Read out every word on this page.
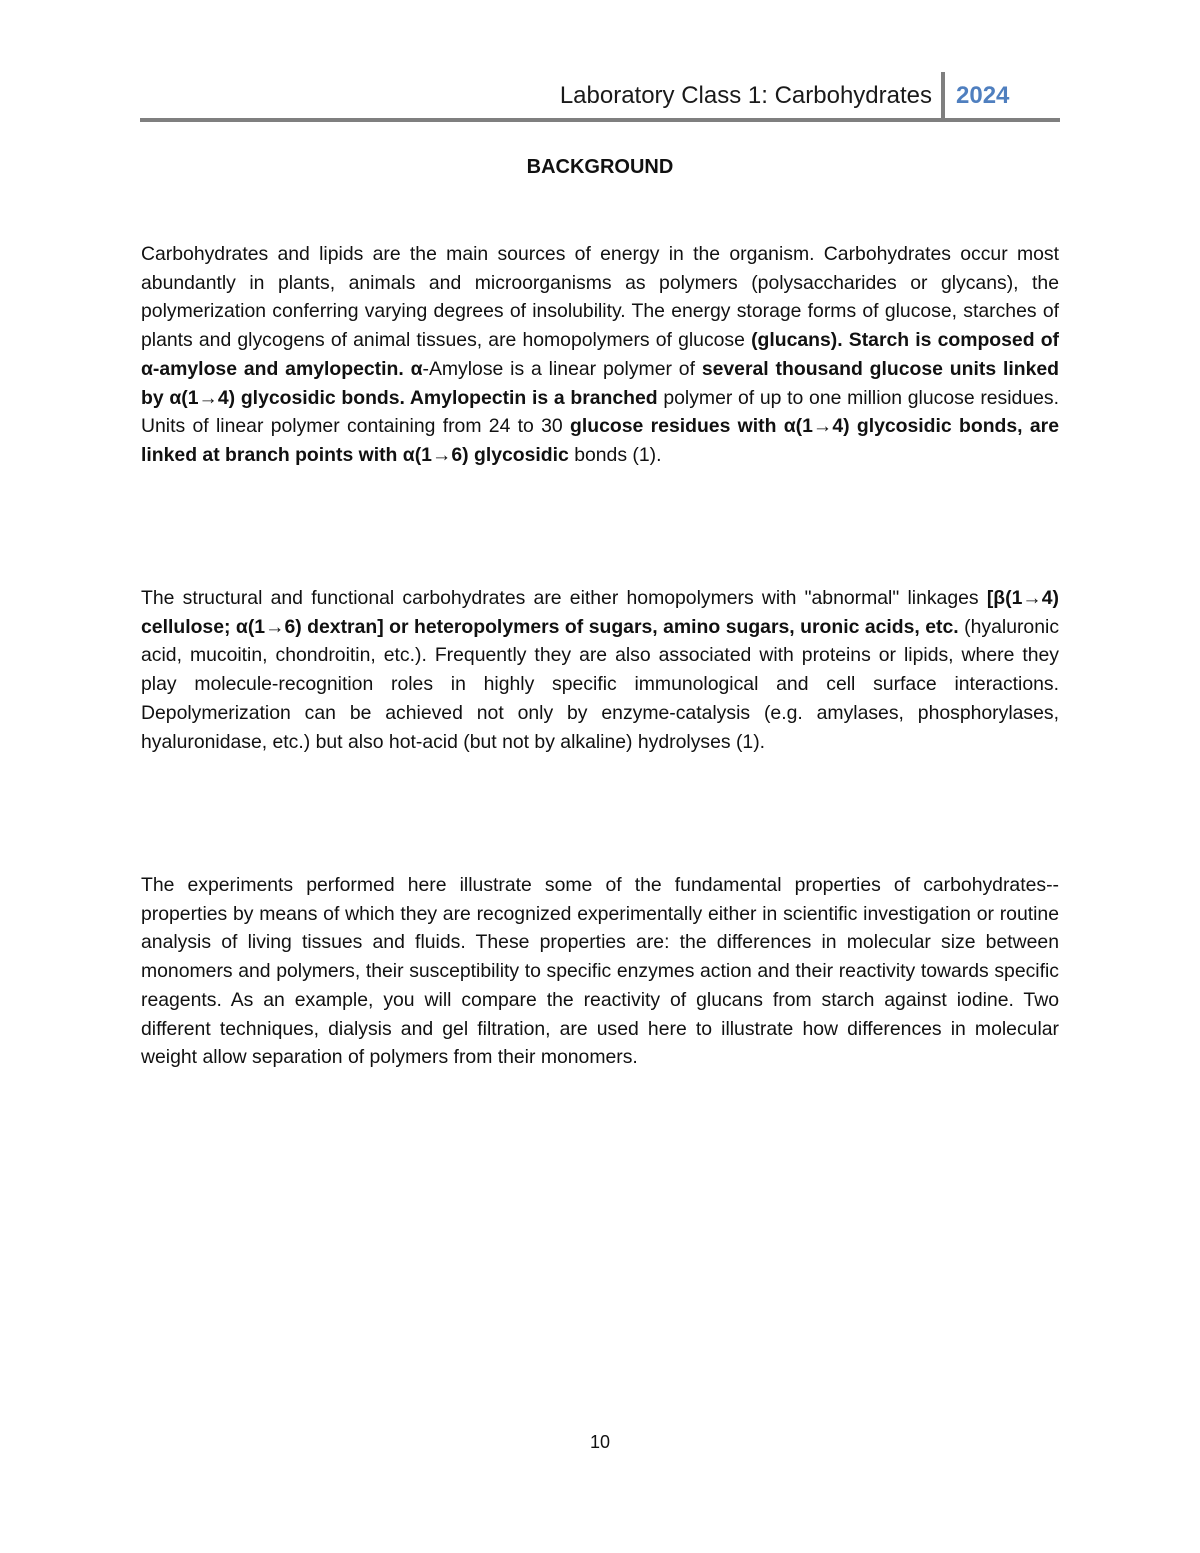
Laboratory Class 1: Carbohydrates 2024
BACKGROUND

Carbohydrates and lipids are the main sources of energy in the organism. Carbohydrates occur most abundantly in plants, animals and microorganisms as polymers (polysaccharides or glycans), the polymerization conferring varying degrees of insolubility. The energy storage forms of glucose, starches of plants and glycogens of animal tissues, are homopolymers of glucose (glucans). Starch is composed of α-amylose and amylopectin. α-Amylose is a linear polymer of several thousand glucose units linked by α(1→4) glycosidic bonds. Amylopectin is a branched polymer of up to one million glucose residues. Units of linear polymer containing from 24 to 30 glucose residues with α(1→4) glycosidic bonds, are linked at branch points with α(1→6) glycosidic bonds (1).

The structural and functional carbohydrates are either homopolymers with "abnormal" linkages [β(1→4) cellulose; α(1→6) dextran] or heteropolymers of sugars, amino sugars, uronic acids, etc. (hyaluronic acid, mucoitin, chondroitin, etc.). Frequently they are also associated with proteins or lipids, where they play molecule-recognition roles in highly specific immunological and cell surface interactions. Depolymerization can be achieved not only by enzyme-catalysis (e.g. amylases, phosphorylases, hyaluronidase, etc.) but also hot-acid (but not by alkaline) hydrolyses (1).

The experiments performed here illustrate some of the fundamental properties of carbohydrates--properties by means of which they are recognized experimentally either in scientific investigation or routine analysis of living tissues and fluids. These properties are: the differences in molecular size between monomers and polymers, their susceptibility to specific enzymes action and their reactivity towards specific reagents. As an example, you will compare the reactivity of glucans from starch against iodine. Two different techniques, dialysis and gel filtration, are used here to illustrate how differences in molecular weight allow separation of polymers from their monomers.

10
